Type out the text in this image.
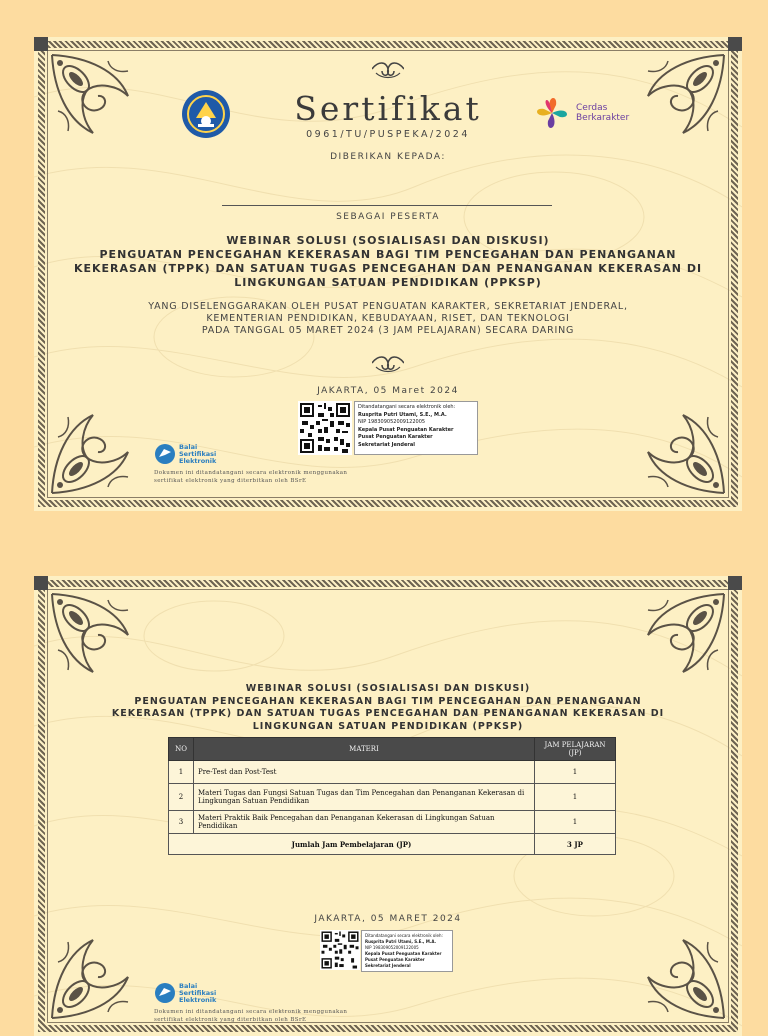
Sertifikat
0961/TU/PUSPEKA/2024
Cerdas
Berkarakter
DIBERIKAN KEPADA:
SEBAGAI PESERTA
WEBINAR SOLUSI (SOSIALISASI DAN DISKUSI)
PENGUATAN PENCEGAHAN KEKERASAN BAGI TIM PENCEGAHAN DAN PENANGANAN
KEKERASAN (TPPK) DAN SATUAN TUGAS PENCEGAHAN DAN PENANGANAN KEKERASAN DI
LINGKUNGAN SATUAN PENDIDIKAN (PPKSP)
YANG DISELENGGARAKAN OLEH PUSAT PENGUATAN KARAKTER, SEKRETARIAT JENDERAL,
KEMENTERIAN PENDIDIKAN, KEBUDAYAAN, RISET, DAN TEKNOLOGI
PADA TANGGAL 05 MARET 2024 (3 JAM PELAJARAN) SECARA DARING
JAKARTA, 05 Maret 2024
Ditandatangani secara elektronik oleh:
Rusprita Putri Utami, S.E., M.A.
NIP 198309052009122005
Kepala Pusat Penguatan Karakter
Pusat Penguatan Karakter
Sekretariat Jenderal
Balai
Sertifikasi
Elektronik
Dokumen ini ditandatangani secara elektronik menggunakan
sertifikat elektronik yang diterbitkan oleh BSrE
WEBINAR SOLUSI (SOSIALISASI DAN DISKUSI)
PENGUATAN PENCEGAHAN KEKERASAN BAGI TIM PENCEGAHAN DAN PENANGANAN
KEKERASAN (TPPK) DAN SATUAN TUGAS PENCEGAHAN DAN PENANGANAN KEKERASAN DI
LINGKUNGAN SATUAN PENDIDIKAN (PPKSP)
NO	MATERI	JAM PELAJARAN (JP)
1	Pre-Test dan Post-Test	1
2	Materi Tugas dan Fungsi Satuan Tugas dan Tim Pencegahan dan Penanganan Kekerasan di Lingkungan Satuan Pendidikan	1
3	Materi Praktik Baik Pencegahan dan Penanganan Kekerasan di Lingkungan Satuan Pendidikan	1
Jumlah Jam Pembelajaran (JP)		3 JP
JAKARTA, 05 MARET 2024
Ditandatangani secara elektronik oleh:
Rusprita Putri Utami, S.E., M.A.
NIP 198309052009122005
Kepala Pusat Penguatan Karakter
Pusat Penguatan Karakter
Sekretariat Jenderal
Balai
Sertifikasi
Elektronik
Dokumen ini ditandatangani secara elektronik menggunakan
sertifikat elektronik yang diterbitkan oleh BSrE
